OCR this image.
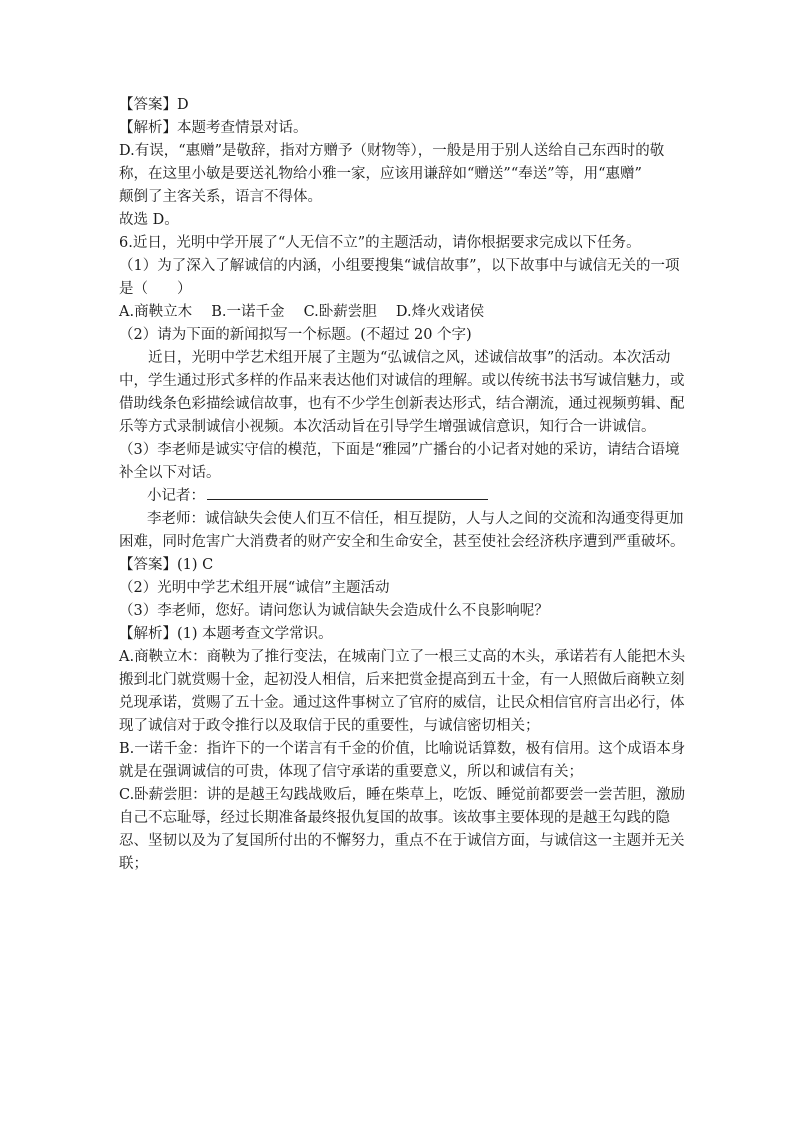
【答案】D
【解析】本题考查情景对话。
D.有误，“惠赠”是敬辞，指对方赠予（财物等），一般是用于别人送给自己东西时的敬
称，在这里小敏是要送礼物给小雅一家，应该用谦辞如“赠送”“奉送”等，用“惠赠”
颠倒了主客关系，语言不得体。
故选 D。
6.近日，光明中学开展了“人无信不立”的主题活动，请你根据要求完成以下任务。
（1）为了深入了解诚信的内涵，小组要搜集“诚信故事”，以下故事中与诚信无关的一项
是（　　）
A.商鞅立木　 B.一诺千金　 C.卧薪尝胆　 D.烽火戏诸侯
（2）请为下面的新闻拟写一个标题。(不超过 20 个字)
近日，光明中学艺术组开展了主题为“弘诚信之风，述诚信故事”的活动。本次活动
中，学生通过形式多样的作品来表达他们对诚信的理解。或以传统书法书写诚信魅力，或
借助线条色彩描绘诚信故事，也有不少学生创新表达形式，结合潮流，通过视频剪辑、配
乐等方式录制诚信小视频。本次活动旨在引导学生增强诚信意识，知行合一讲诚信。
（3）李老师是诚实守信的模范，下面是“雅园”广播台的小记者对她的采访，请结合语境
补全以下对话。
小记者：
李老师：诚信缺失会使人们互不信任，相互提防，人与人之间的交流和沟通变得更加
困难，同时危害广大消费者的财产安全和生命安全，甚至使社会经济秩序遭到严重破坏。
【答案】(1) C
（2）光明中学艺术组开展“诚信”主题活动
（3）李老师，您好。请问您认为诚信缺失会造成什么不良影响呢？
【解析】(1) 本题考查文学常识。
A.商鞅立木：商鞅为了推行变法，在城南门立了一根三丈高的木头，承诺若有人能把木头
搬到北门就赏赐十金，起初没人相信，后来把赏金提高到五十金，有一人照做后商鞅立刻
兑现承诺，赏赐了五十金。通过这件事树立了官府的威信，让民众相信官府言出必行，体
现了诚信对于政令推行以及取信于民的重要性，与诚信密切相关；
B.一诺千金：指许下的一个诺言有千金的价值，比喻说话算数，极有信用。这个成语本身
就是在强调诚信的可贵，体现了信守承诺的重要意义，所以和诚信有关；
C.卧薪尝胆：讲的是越王勾践战败后，睡在柴草上，吃饭、睡觉前都要尝一尝苦胆，激励
自己不忘耻辱，经过长期准备最终报仇复国的故事。该故事主要体现的是越王勾践的隐
忍、坚韧以及为了复国所付出的不懈努力，重点不在于诚信方面，与诚信这一主题并无关
联；
